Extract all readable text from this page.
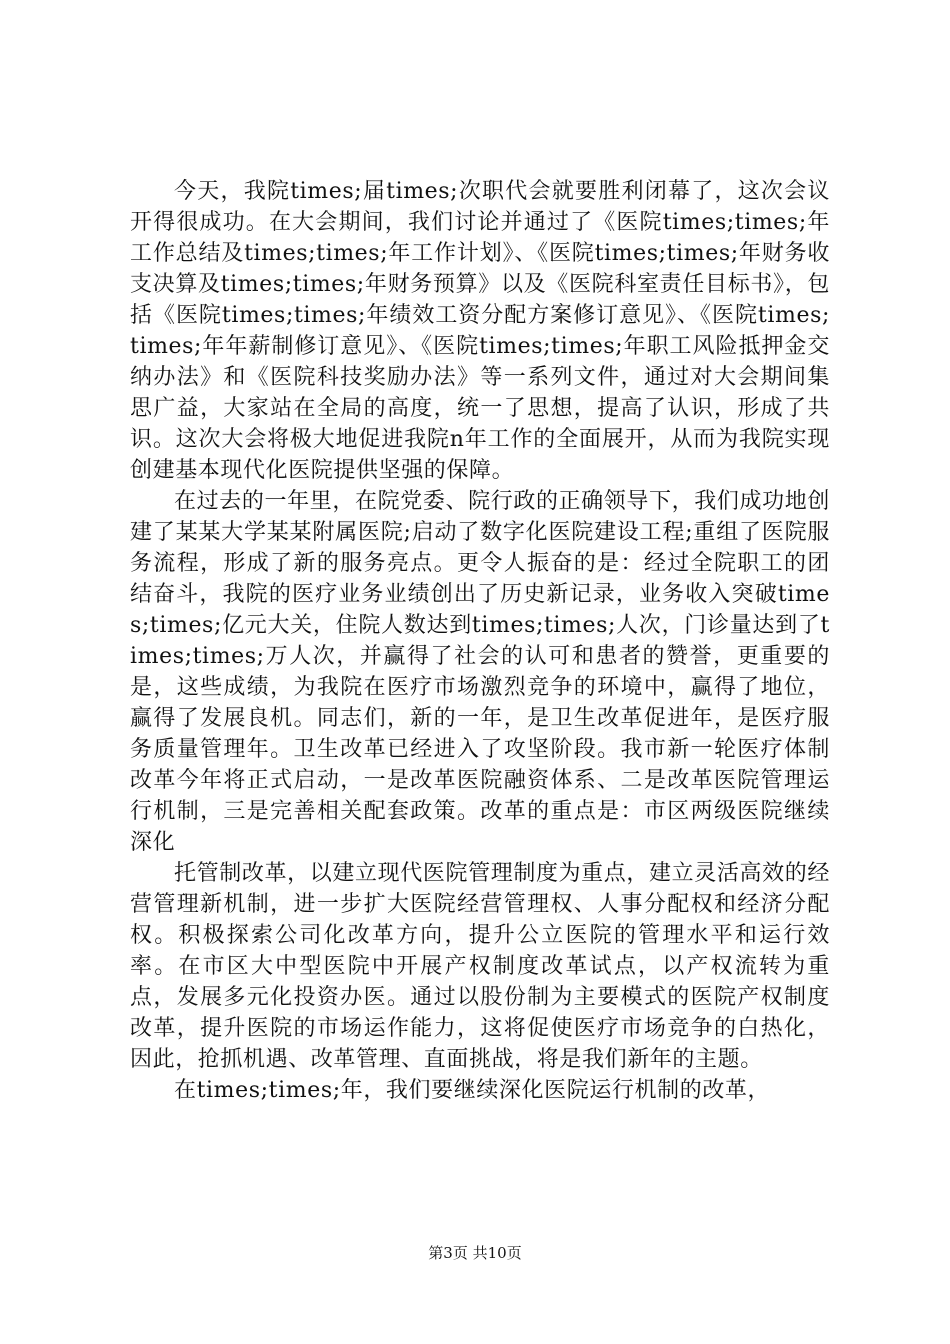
今天，我院times;届times;次职代会就要胜利闭幕了，这次会议开得很成功。在大会期间，我们讨论并通过了《医院times;times;年工作总结及times;times;年工作计划》、《医院times;times;年财务收支决算及times;times;年财务预算》以及《医院科室责任目标书》，包括《医院times;times;年绩效工资分配方案修订意见》、《医院times;times;年年薪制修订意见》、《医院times;times;年职工风险抵押金交纳办法》和《医院科技奖励办法》等一系列文件，通过对大会期间集思广益，大家站在全局的高度，统一了思想，提高了认识，形成了共识。这次大会将极大地促进我院n年工作的全面展开，从而为我院实现创建基本现代化医院提供坚强的保障。

在过去的一年里，在院党委、院行政的正确领导下，我们成功地创建了某某大学某某附属医院;启动了数字化医院建设工程;重组了医院服务流程，形成了新的服务亮点。更令人振奋的是：经过全院职工的团结奋斗，我院的医疗业务业绩创出了历史新记录，业务收入突破times;times;亿元大关，住院人数达到times;times;人次，门诊量达到了times;times;万人次，并赢得了社会的认可和患者的赞誉，更重要的是，这些成绩，为我院在医疗市场激烈竞争的环境中，赢得了地位，赢得了发展良机。同志们，新的一年，是卫生改革促进年，是医疗服务质量管理年。卫生改革已经进入了攻坚阶段。我市新一轮医疗体制改革今年将正式启动，一是改革医院融资体系、二是改革医院管理运行机制，三是完善相关配套政策。改革的重点是：市区两级医院继续深化

托管制改革，以建立现代医院管理制度为重点，建立灵活高效的经营管理新机制，进一步扩大医院经营管理权、人事分配权和经济分配权。积极探索公司化改革方向，提升公立医院的管理水平和运行效率。在市区大中型医院中开展产权制度改革试点，以产权流转为重点，发展多元化投资办医。通过以股份制为主要模式的医院产权制度改革，提升医院的市场运作能力，这将促使医疗市场竞争的白热化，因此，抢抓机遇、改革管理、直面挑战，将是我们新年的主题。

在times;times;年，我们要继续深化医院运行机制的改革，

第3页 共10页
